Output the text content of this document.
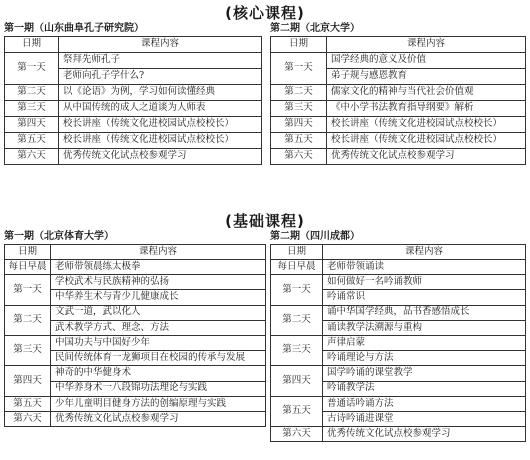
(核心课程)
第一期（山东曲阜孔子研究院）
日期	课程内容
第一天	祭拜先师孔子
	老师向孔子学什么?
第二天	以《论语》为例，学习如何读懂经典
第三天	从中国传统的成人之道谈为人师表
第四天	校长讲座（传统文化进校园试点校校长）
第五天	校长讲座（传统文化进校园试点校校长）
第六天	优秀传统文化试点校参观学习
第二期（北京大学）
日期	课程内容
第一天	国学经典的意义及价值
	弟子规与感恩教育
第二天	儒家文化的精神与当代社会价值观
第三天	《中小学书法教育指导纲要》解析
第四天	校长讲座（传统文化进校园试点校校长）
第五天	校长讲座（传统文化进校园试点校校长）
第六天	优秀传统文化试点校参观学习
(基础课程)
第一期（北京体育大学）
日期	课程内容
每日早晨	老师带领晨练太极拳
第一天	学校武术与民族精神的弘扬
	中华养生术与青少儿健康成长
第二天	文武一道，武以化人
	武术教学方式、理念、方法
第三天	中国功夫与中国好少年
	民间传统体育一龙狮项目在校园的传承与发展
第四天	神奇的中华健身术
	中华养身术一八段锦功法理论与实践
第五天	少年儿童明目健身方法的创编原理与实践
第六天	优秀传统文化试点校参观学习
第二期（四川成都）
日期	课程内容
每日早晨	老师带领诵读
第一天	如何做好一名吟诵教师
	吟诵常识
第二天	诵中华国学经典，品书香感悟成长
	诵读教学法溯源与重构
第三天	声律启蒙
	吟诵理论与方法
第四天	国学吟诵的课堂教学
	吟诵教学法
第五天	普通话吟诵方法
	古诗吟诵进课堂
第六天	优秀传统文化试点校参观学习
